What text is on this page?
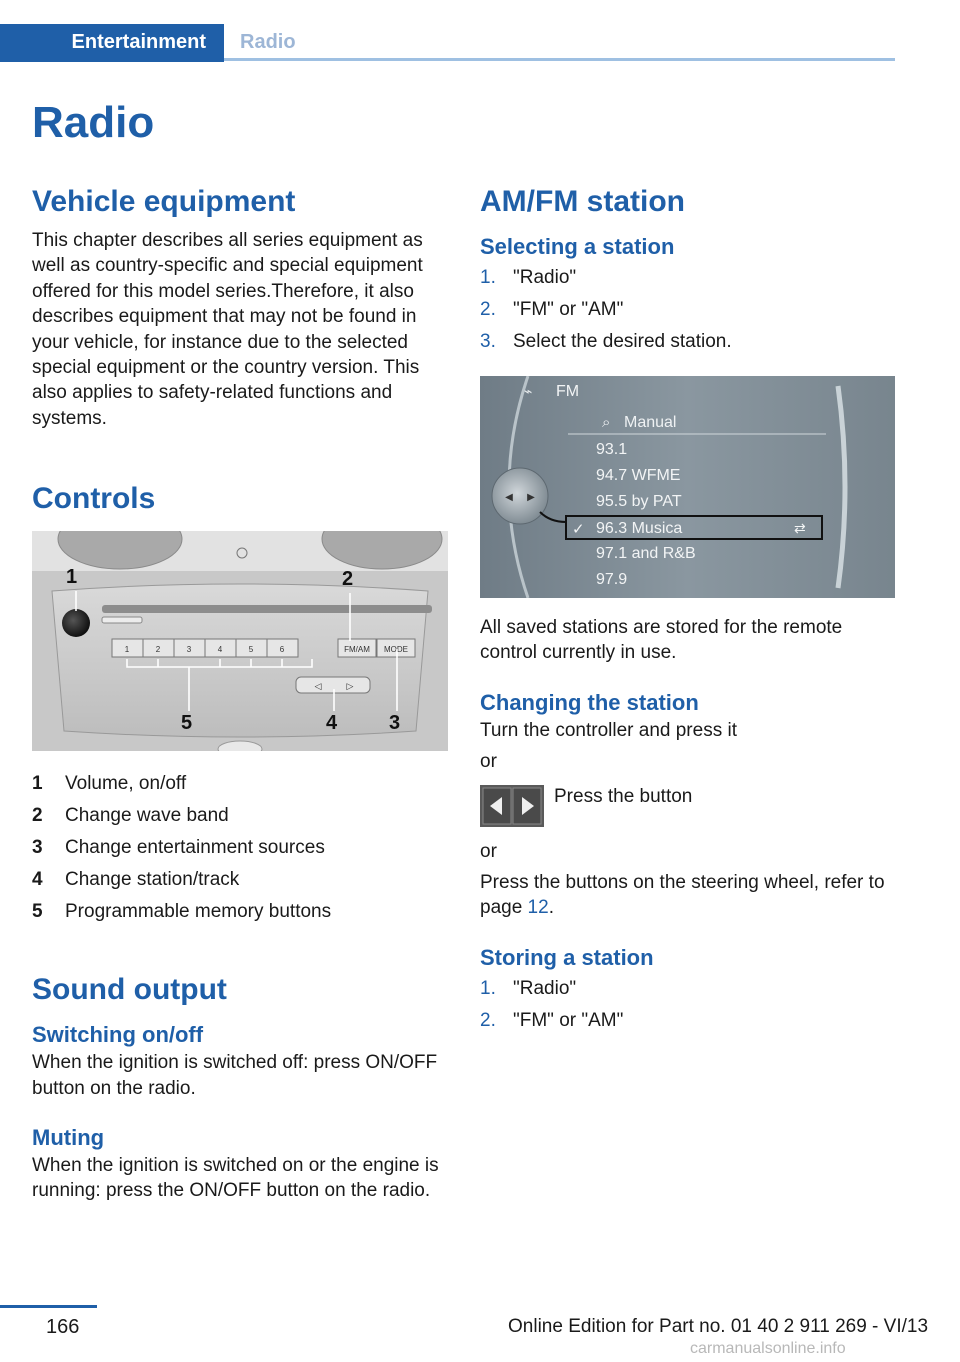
Entertainment Radio
Radio
Vehicle equipment

This chapter describes all series equipment as well as country-specific and special equipment offered for this model series.Therefore, it also describes equipment that may not be found in your vehicle, for instance due to the selected special equipment or the country version. This also applies to safety-related functions and systems.

Controls
1	2	3	4	5	6	FM/AM MODE
◁	▷
1	2
3
4
5
1 Volume, on/off
2 Change wave band
3 Change entertainment sources
4 Change station/track
5 Programmable memory buttons
Sound output
Switching on/off

When the ignition is switched off: press ON/OFF button on the radio.

Muting

When the ignition is switched on or the engine is running: press the ON/OFF button on the radio.

AM/FM station
Selecting a station
1. "Radio"
2. "FM" or "AM"
3. Select the desired station.
⌁ FM
◀ ▶
⌕ Manual
93.1
94.7 WFME
95.5 by PAT
✓ 96.3 Musica	⇄
97.1 and R&B
97.9

All saved stations are stored for the remote control currently in use.

Changing the station

Turn the controller and press it

or

Press the button

or

Press the buttons on the steering wheel, refer to page 12.

Storing a station
1. "Radio"
2. "FM" or "AM"
166	Online Edition for Part no. 01 40 2 911 269 - VI/13
carmanualsonline.info
